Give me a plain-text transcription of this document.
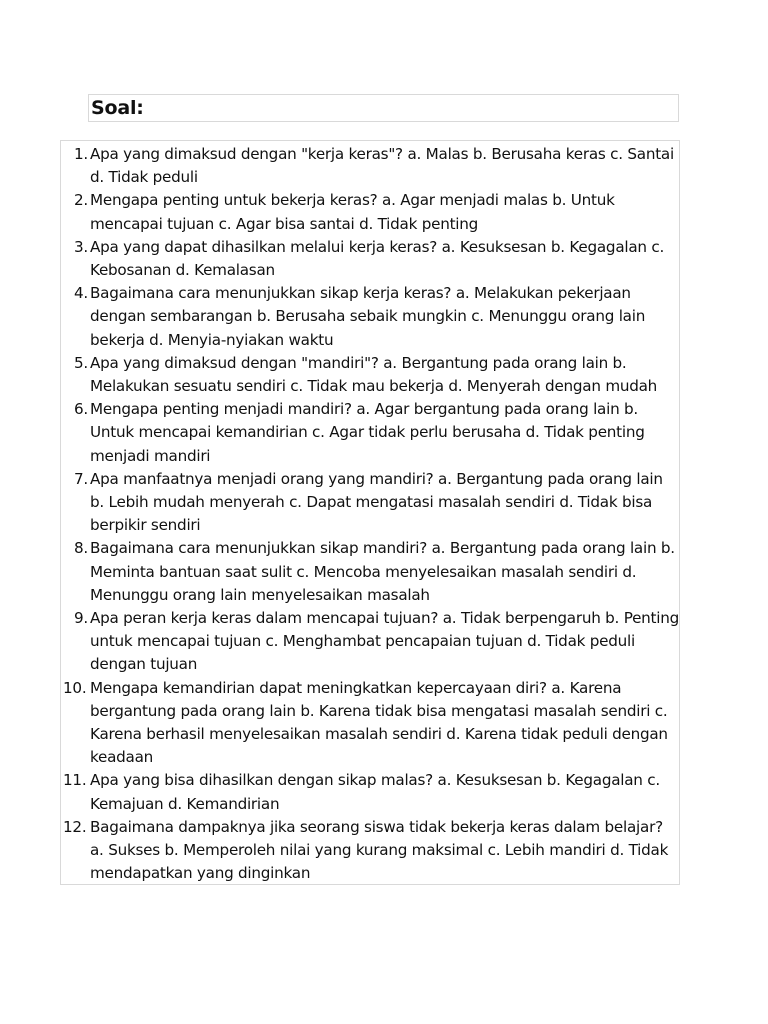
Soal:
1. Apa yang dimaksud dengan "kerja keras"? a. Malas b. Berusaha keras c. Santai d. Tidak peduli
2. Mengapa penting untuk bekerja keras? a. Agar menjadi malas b. Untuk mencapai tujuan c. Agar bisa santai d. Tidak penting
3. Apa yang dapat dihasilkan melalui kerja keras? a. Kesuksesan b. Kegagalan c. Kebosanan d. Kemalasan
4. Bagaimana cara menunjukkan sikap kerja keras? a. Melakukan pekerjaan dengan sembarangan b. Berusaha sebaik mungkin c. Menunggu orang lain bekerja d. Menyia-nyiakan waktu
5. Apa yang dimaksud dengan "mandiri"? a. Bergantung pada orang lain b. Melakukan sesuatu sendiri c. Tidak mau bekerja d. Menyerah dengan mudah
6. Mengapa penting menjadi mandiri? a. Agar bergantung pada orang lain b. Untuk mencapai kemandirian c. Agar tidak perlu berusaha d. Tidak penting menjadi mandiri
7. Apa manfaatnya menjadi orang yang mandiri? a. Bergantung pada orang lain b. Lebih mudah menyerah c. Dapat mengatasi masalah sendiri d. Tidak bisa berpikir sendiri
8. Bagaimana cara menunjukkan sikap mandiri? a. Bergantung pada orang lain b. Meminta bantuan saat sulit c. Mencoba menyelesaikan masalah sendiri d. Menunggu orang lain menyelesaikan masalah
9. Apa peran kerja keras dalam mencapai tujuan? a. Tidak berpengaruh b. Penting untuk mencapai tujuan c. Menghambat pencapaian tujuan d. Tidak peduli dengan tujuan
10. Mengapa kemandirian dapat meningkatkan kepercayaan diri? a. Karena bergantung pada orang lain b. Karena tidak bisa mengatasi masalah sendiri c. Karena berhasil menyelesaikan masalah sendiri d. Karena tidak peduli dengan keadaan
11. Apa yang bisa dihasilkan dengan sikap malas? a. Kesuksesan b. Kegagalan c. Kemajuan d. Kemandirian
12. Bagaimana dampaknya jika seorang siswa tidak bekerja keras dalam belajar? a. Sukses b. Memperoleh nilai yang kurang maksimal c. Lebih mandiri d. Tidak mendapatkan yang dinginkan
